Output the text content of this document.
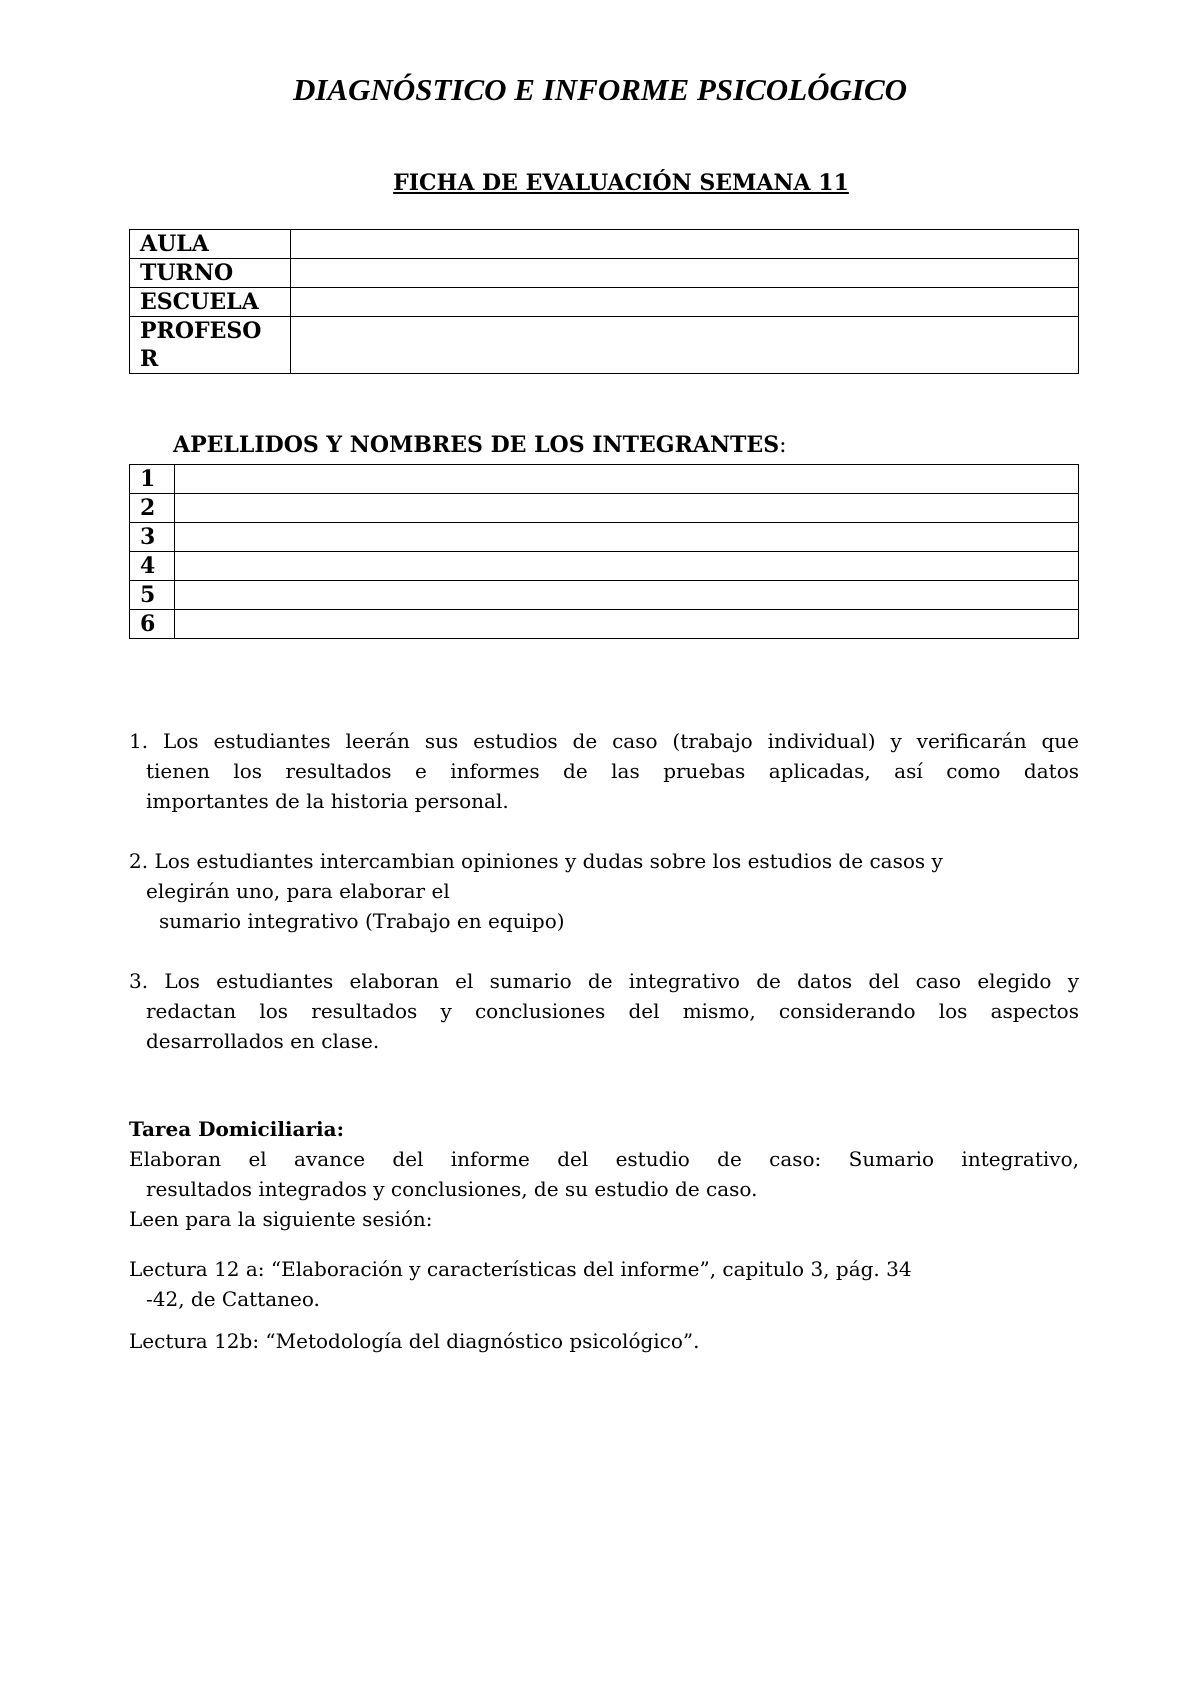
DIAGNÓSTICO E INFORME PSICOLÓGICO
FICHA DE EVALUACIÓN SEMANA 11
AULA	
TURNO	
ESCUELA	

PROFESO
R	

APELLIDOS Y NOMBRES DE LOS INTEGRANTES:

1	
2	
3	
4	
5	
6	
1. Los estudiantes leerán sus estudios de caso (trabajo individual) y verificarán que
tienen los resultados e informes de las pruebas aplicadas, así como datos
importantes de la historia personal.
2. Los estudiantes intercambian opiniones y dudas sobre los estudios de casos y
elegirán uno, para elaborar el
sumario integrativo (Trabajo en equipo)
3. Los estudiantes elaboran el sumario de integrativo de datos del caso elegido y
redactan los resultados y conclusiones del mismo, considerando los aspectos
desarrollados en clase.
Tarea Domiciliaria:
Elaboran el avance del informe del estudio de caso: Sumario integrativo,
resultados integrados y conclusiones, de su estudio de caso.
Leen para la siguiente sesión:
Lectura 12 a: “Elaboración y características del informe”, capitulo 3, pág. 34
-42, de Cattaneo.
Lectura 12b: “Metodología del diagnóstico psicológico”.
